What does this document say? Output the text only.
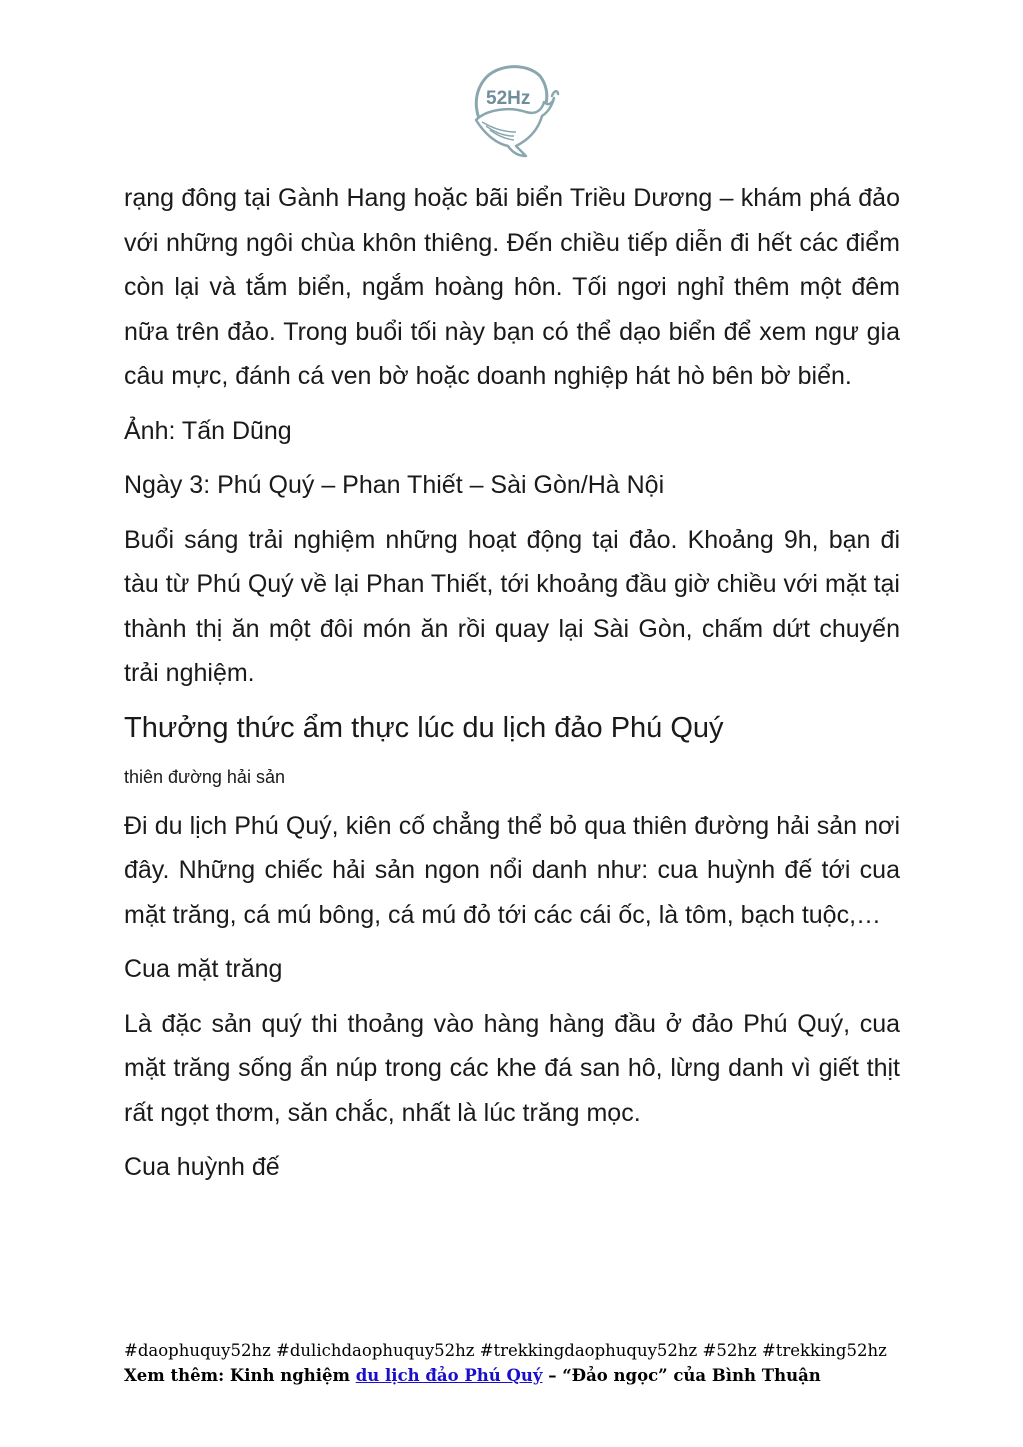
52Hz

rạng đông tại Gành Hang hoặc bãi biển Triều Dương – khám phá đảo với những ngôi chùa khôn thiêng. Đến chiều tiếp diễn đi hết các điểm còn lại và tắm biển, ngắm hoàng hôn. Tối ngơi nghỉ thêm một đêm nữa trên đảo. Trong buổi tối này bạn có thể dạo biển để xem ngư gia câu mực, đánh cá ven bờ hoặc doanh nghiệp hát hò bên bờ biển.

Ảnh: Tấn Dũng

Ngày 3: Phú Quý – Phan Thiết – Sài Gòn/Hà Nội

Buổi sáng trải nghiệm những hoạt động tại đảo. Khoảng 9h, bạn đi tàu từ Phú Quý về lại Phan Thiết, tới khoảng đầu giờ chiều với mặt tại thành thị ăn một đôi món ăn rồi quay lại Sài Gòn, chấm dứt chuyến trải nghiệm.

Thưởng thức ẩm thực lúc du lịch đảo Phú Quý

thiên đường hải sản

Đi du lịch Phú Quý, kiên cố chẳng thể bỏ qua thiên đường hải sản nơi đây. Những chiếc hải sản ngon nổi danh như: cua huỳnh đế tới cua mặt trăng, cá mú bông, cá mú đỏ tới các cái ốc, là tôm, bạch tuộc,…

Cua mặt trăng

Là đặc sản quý thi thoảng vào hàng hàng đầu ở đảo Phú Quý, cua mặt trăng sống ẩn núp trong các khe đá san hô, lừng danh vì giết thịt rất ngọt thơm, săn chắc, nhất là lúc trăng mọc.

Cua huỳnh đế

#daophuquy52hz #dulichdaophuquy52hz #trekkingdaophuquy52hz #52hz #trekking52hz
Xem thêm: Kinh nghiệm du lịch đảo Phú Quý – “Đảo ngọc” của Bình Thuận
